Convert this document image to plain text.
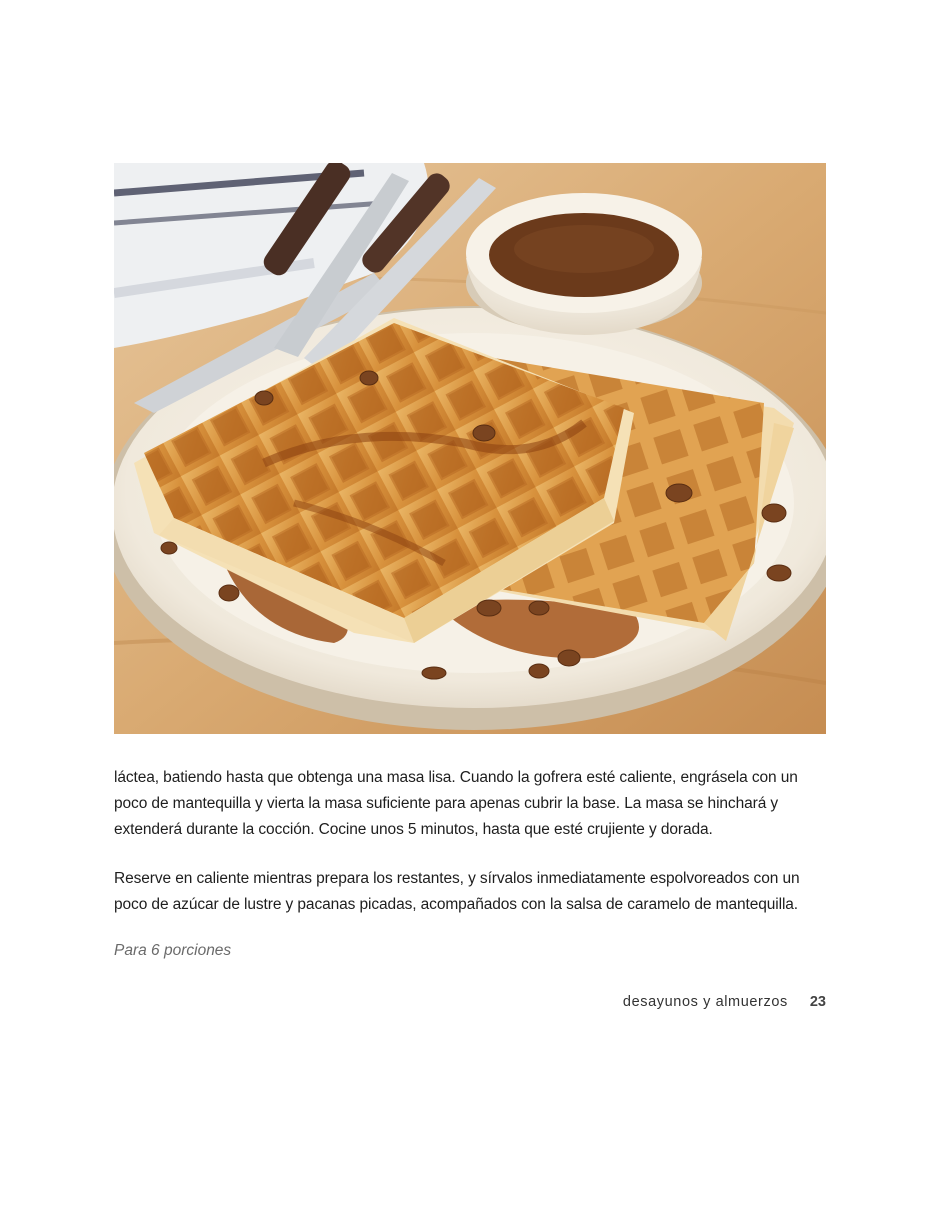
láctea, batiendo hasta que obtenga una masa lisa. Cuando la gofrera esté caliente, engrásela con un poco de mantequilla y vierta la masa suficiente para apenas cubrir la base. La masa se hinchará y extenderá durante la cocción. Cocine unos 5 minutos, hasta que esté crujiente y dorada.

Reserve en caliente mientras prepara los restantes, y sírvalos inmediatamente espolvoreados con un poco de azúcar de lustre y pacanas picadas, acompañados con la salsa de caramelo de mantequilla.

Para 6 porciones
desayunos y almuerzos 23
